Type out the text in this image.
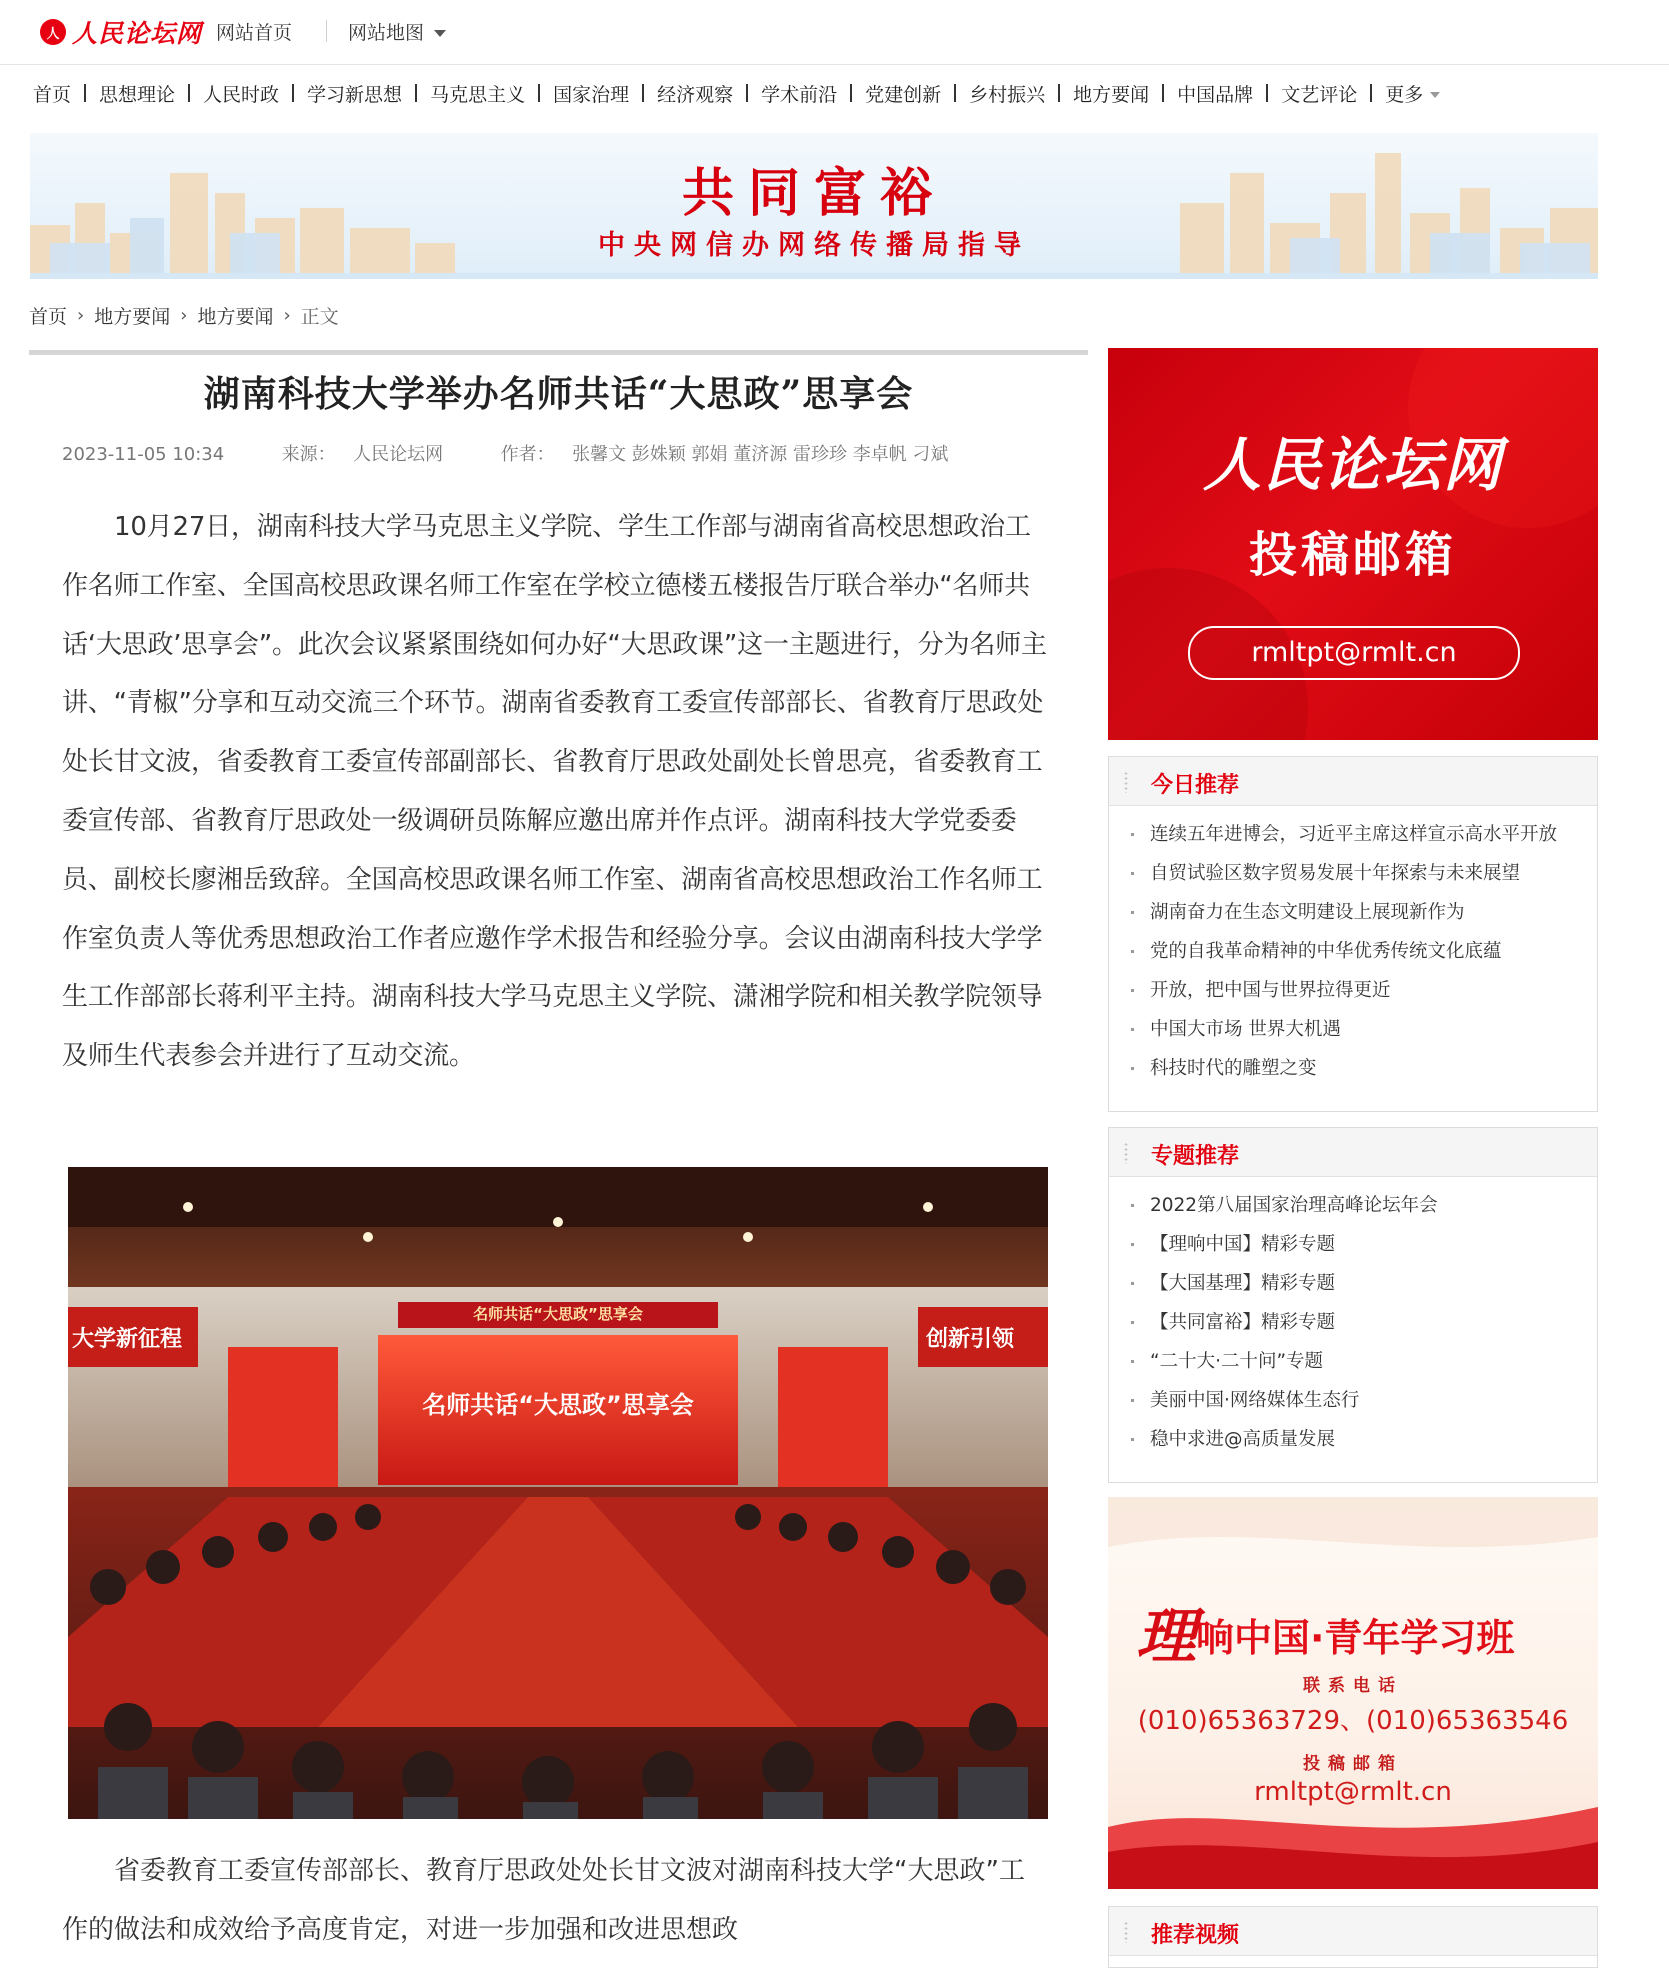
人 人民论坛网 网站首页	网站地图
首页 思想理论 人民时政 学习新思想 马克思主义 国家治理 经济观察 学术前沿 党建创新 乡村振兴 地方要闻 中国品牌 文艺评论 更多
共同富裕
中央网信办网络传播局指导
首页 › 地方要闻 › 地方要闻 › 正文
湖南科技大学举办名师共话“大思政”思享会
2023-11-05 10:34	来源： 人民论坛网	作者： 张馨文 彭姝颖 郭娟 董济源 雷珍珍 李卓帆 刁斌

10月27日，湖南科技大学马克思主义学院、学生工作部与湖南省高校思想政治工作名师工作室、全国高校思政课名师工作室在学校立德楼五楼报告厅联合举办“名师共话‘大思政’思享会”。此次会议紧紧围绕如何办好“大思政课”这一主题进行，分为名师主讲、“青椒”分享和互动交流三个环节。湖南省委教育工委宣传部部长、省教育厅思政处处长甘文波，省委教育工委宣传部副部长、省教育厅思政处副处长曾思亮，省委教育工委宣传部、省教育厅思政处一级调研员陈解应邀出席并作点评。湖南科技大学党委委员、副校长廖湘岳致辞。全国高校思政课名师工作室、湖南省高校思想政治工作名师工作室负责人等优秀思想政治工作者应邀作学术报告和经验分享。会议由湖南科技大学学生工作部部长蒋利平主持。湖南科技大学马克思主义学院、潇湘学院和相关教学院领导及师生代表参会并进行了互动交流。

名师共话“大思政”思享会
名师共话“大思政”思享会
大学新征程	创新引领

省委教育工委宣传部部长、教育厅思政处处长甘文波对湖南科技大学“大思政”工作的做法和成效给予高度肯定，对进一步加强和改进思想政

人民论坛网
投稿邮箱
rmltpt@rmlt.cn
今日推荐
连续五年进博会，习近平主席这样宣示高水平开放
自贸试验区数字贸易发展十年探索与未来展望
湖南奋力在生态文明建设上展现新作为
党的自我革命精神的中华优秀传统文化底蕴
开放，把中国与世界拉得更近
中国大市场 世界大机遇
科技时代的雕塑之变
专题推荐
2022第八届国家治理高峰论坛年会
【理响中国】精彩专题
【大国基理】精彩专题
【共同富裕】精彩专题
“二十大·二十问”专题
美丽中国·网络媒体生态行
稳中求进@高质量发展
理响中国·青年学习班
联系电话
(010)65363729、(010)65363546
投稿邮箱
rmltpt@rmlt.cn
推荐视频
